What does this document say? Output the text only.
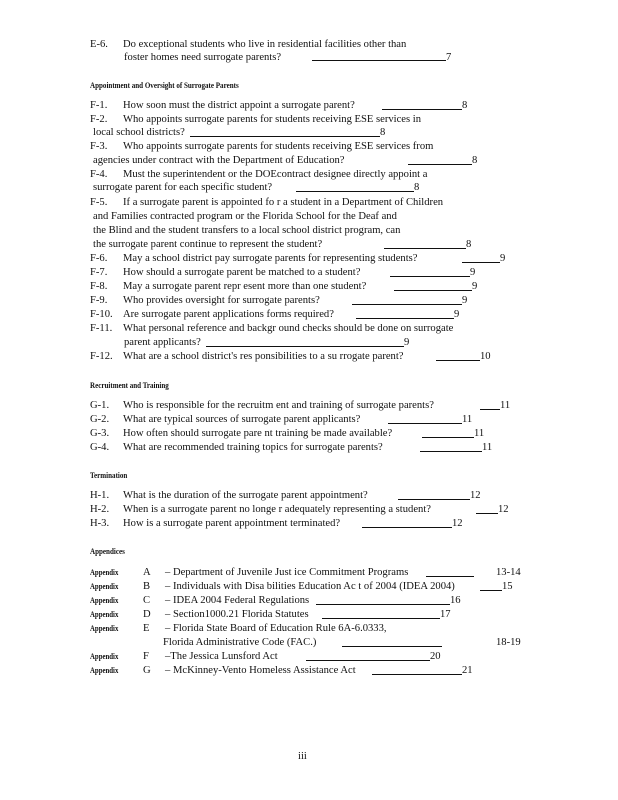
E-6. Do exceptional students who live in residential facilities other than
foster homes need surrogate parents?	7
Appointment and Oversight of Surrogate Parents
F-1. How soon must the district appoint a surrogate parent?	8
F-2. Who appoints surrogate parents for students receiving ESE services in
local school districts?	8
F-3. Who appoints surrogate parents for students receiving ESE services from
agencies under contract with the Department of Education?	8
F-4. Must the superintendent or the DOEcontract designee directly appoint a
surrogate parent for each specific student?	8
F-5. If a surrogate parent is appointed fo r a student in a Department of Children
and Families contracted program or the Florida School for the Deaf and
the Blind and the student transfers to a local school district program, can
the surrogate parent continue to represent the student?	8
F-6. May a school district pay surrogate parents for representing students?	9
F-7. How should a surrogate parent be matched to a student?	9
F-8. May a surrogate parent repr esent more than one student?	9
F-9. Who provides oversight for surrogate parents?	9
F-10. Are surrogate parent applications forms required?	9
F-11. What personal reference and backgr ound checks should be done on surrogate
parent applicants?	9
F-12. What are a school district's res ponsibilities to a su rrogate parent?	10
Recruitment and Training
G-1. Who is responsible for the recruitm ent and training of surrogate parents?	11
G-2. What are typical sources of surrogate parent applicants?	11
G-3. How often should surrogate pare nt training be made available?	11
G-4. What are recommended training topics for surrogate parents?	11
Termination
H-1. What is the duration of the surrogate parent appointment?	12
H-2. When is a surrogate parent no longe r adequately representing a student?	12
H-3. How is a surrogate parent appointment terminated?	12
Appendices
Appendix	A	– Department of Juvenile Just ice Commitment Programs	13-14
Appendix	B	– Individuals with Disa bilities Education Ac t of 2004 (IDEA 2004)	15
Appendix	C	– IDEA 2004 Federal Regulations	16
Appendix	D	– Section1000.21 Florida Statutes	17
Appendix	E	– Florida State Board of Education Rule 6A-6.0333,
Florida Administrative Code (FAC.)	18-19
Appendix	F	–The Jessica Lunsford Act	20
Appendix	G	– McKinney-Vento Homeless Assistance Act	21
iii
